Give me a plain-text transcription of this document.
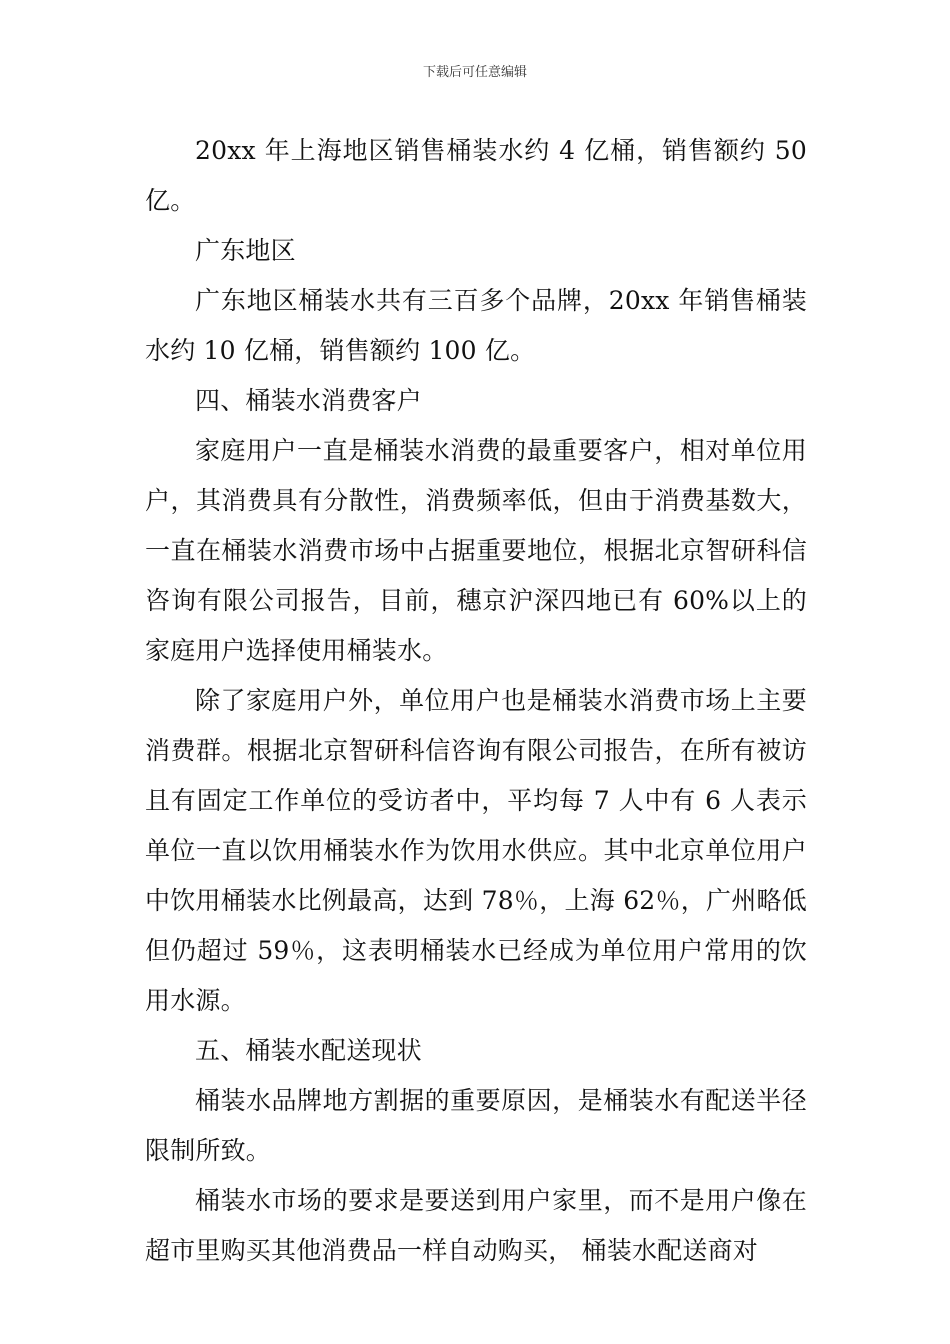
下载后可任意编辑

20xx 年上海地区销售桶装水约 4 亿桶，销售额约 50 亿。

广东地区

广东地区桶装水共有三百多个品牌，20xx 年销售桶装水约 10 亿桶，销售额约 100 亿。

四、桶装水消费客户

家庭用户一直是桶装水消费的最重要客户，相对单位用户，其消费具有分散性，消费频率低，但由于消费基数大，一直在桶装水消费市场中占据重要地位，根据北京智研科信咨询有限公司报告，目前，穗京沪深四地已有 60%以上的家庭用户选择使用桶装水。

除了家庭用户外，单位用户也是桶装水消费市场上主要消费群。根据北京智研科信咨询有限公司报告，在所有被访且有固定工作单位的受访者中，平均每 7 人中有 6 人表示单位一直以饮用桶装水作为饮用水供应。其中北京单位用户中饮用桶装水比例最高，达到 78％，上海 62％，广州略低但仍超过 59％，这表明桶装水已经成为单位用户常用的饮用水源。

五、桶装水配送现状

桶装水品牌地方割据的重要原因，是桶装水有配送半径限制所致。

桶装水市场的要求是要送到用户家里，而不是用户像在超市里购买其他消费品一样自动购买， 桶装水配送商对
